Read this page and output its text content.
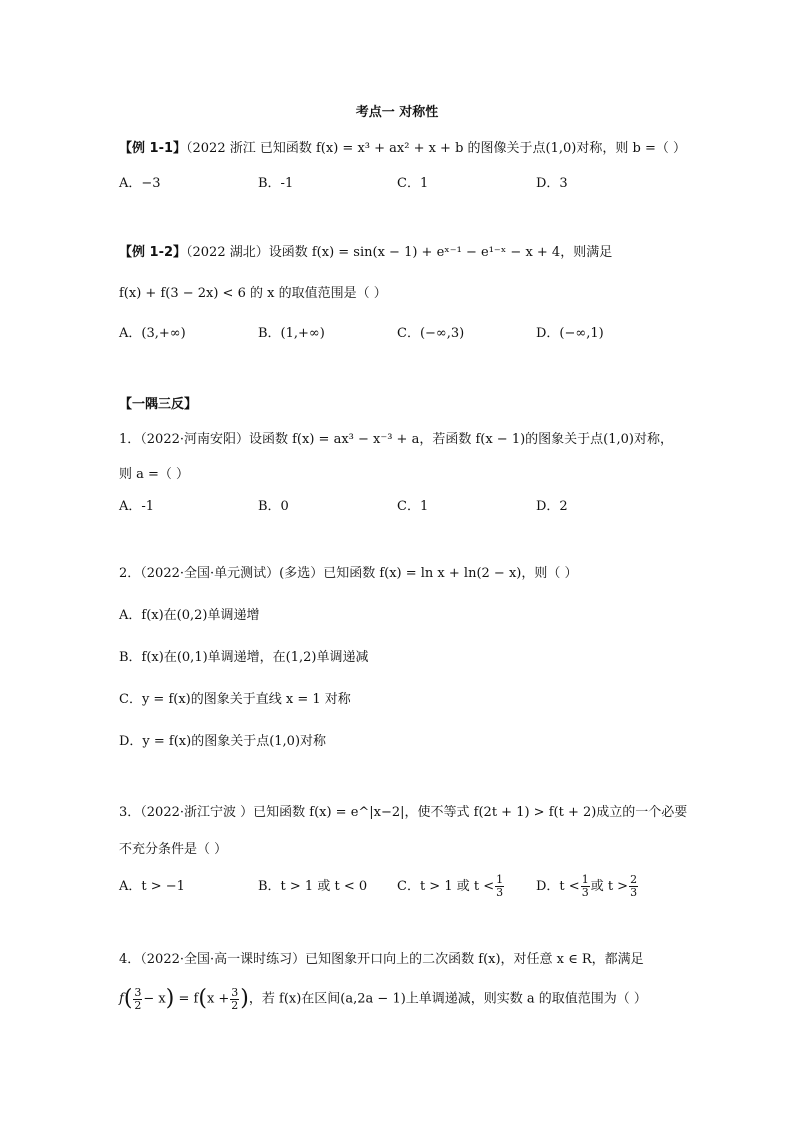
考点一 对称性
【例 1-1】（2022 浙江 已知函数 f(x) = x³ + ax² + x + b 的图像关于点(1,0)对称，则 b =（ ）
A．−3	B．-1	C．1	D．3
【例 1-2】（2022 湖北）设函数 f(x) = sin(x − 1) + eˣ⁻¹ − e¹⁻ˣ − x + 4，则满足
f(x) + f(3 − 2x) < 6 的 x 的取值范围是（ ）
A．(3,+∞)	B．(1,+∞)	C．(−∞,3)	D．(−∞,1)
【一隅三反】
1．（2022·河南安阳）设函数 f(x) = ax³ − x⁻³ + a，若函数 f(x − 1)的图象关于点(1,0)对称，
则 a =（ ）
A．-1	B．0	C．1	D．2
2．（2022·全国·单元测试）(多选）已知函数 f(x) = ln x + ln(2 − x)，则（ ）
A．f(x)在(0,2)单调递增
B．f(x)在(0,1)单调递增，在(1,2)单调递减
C．y = f(x)的图象关于直线 x = 1 对称
D．y = f(x)的图象关于点(1,0)对称
3．（2022·浙江宁波 ）已知函数 f(x) = e^|x−2|，使不等式 f(2t + 1) > f(t + 2)成立的一个必要
不充分条件是（ ）
A．t > −1	B．t > 1 或 t < 0 C．t > 1 或 $t < \frac{1}{3}$ D．$t < \frac{1}{3}$ 或 $t > \frac{2}{3}$
4．（2022·全国·高一课时练习）已知图象开口向上的二次函数 f(x)，对任意 x ∈ R，都满足
$f( \frac{3}{2} - x) = f(x + \frac{3}{2}$ )，若 f(x)在区间(a,2a − 1)上单调递减，则实数 a 的取值范围为（ ）
